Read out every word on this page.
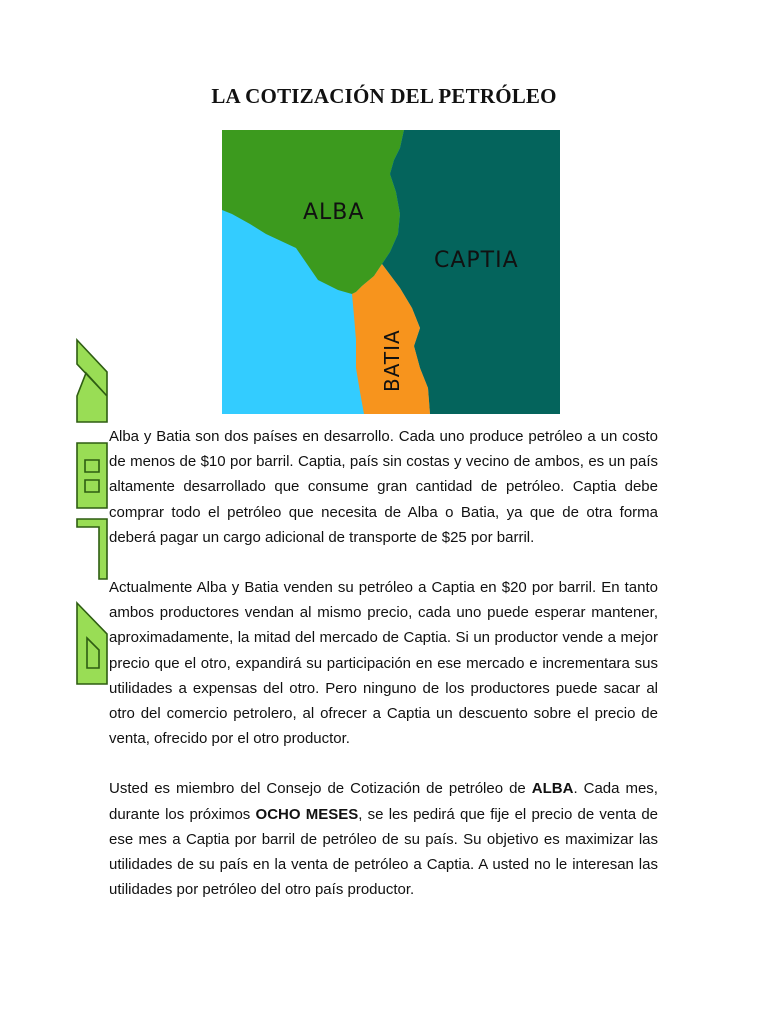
LA COTIZACIÓN DEL PETRÓLEO
ALBA
CAPTIA
BATIA

Alba y Batia son dos países en desarrollo. Cada uno produce petróleo a un costo de menos de $10 por barril. Captia, país sin costas y vecino de ambos, es un país altamente desarrollado que consume gran cantidad de petróleo. Captia debe comprar todo el petróleo que necesita de Alba o Batia, ya que de otra forma deberá pagar un cargo adicional de transporte de $25 por barril.

Actualmente Alba y Batia venden su petróleo a Captia en $20 por barril. En tanto ambos productores vendan al mismo precio, cada uno puede esperar mantener, aproximadamente, la mitad del mercado de Captia. Si un productor vende a mejor precio que el otro, expandirá su participación en ese mercado e incrementara sus utilidades a expensas del otro. Pero ninguno de los productores puede sacar al otro del comercio petrolero, al ofrecer a Captia un descuento sobre el precio de venta, ofrecido por el otro productor.

Usted es miembro del Consejo de Cotización de petróleo de ALBA. Cada mes, durante los próximos OCHO MESES, se les pedirá que fije el precio de venta de ese mes a Captia por barril de petróleo de su país. Su objetivo es maximizar las utilidades de su país en la venta de petróleo a Captia. A usted no le interesan las utilidades por petróleo del otro país productor.
